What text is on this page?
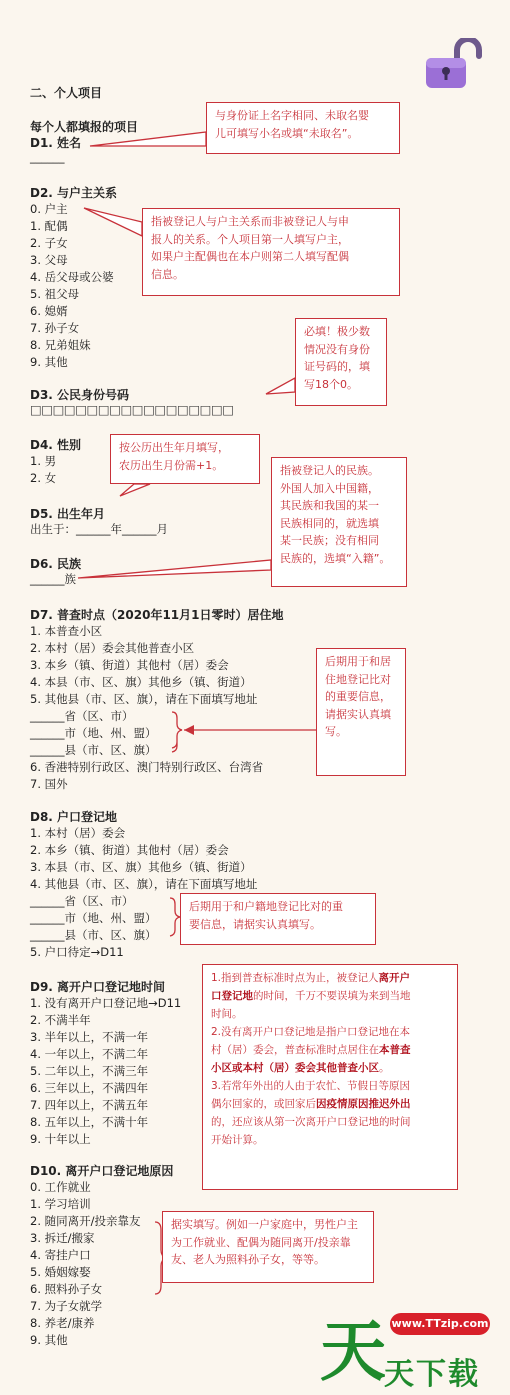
二、个人项目
每个人都填报的项目
D1. 姓名
______
D2. 与户主关系
0. 户主
1. 配偶
2. 子女
3. 父母
4. 岳父母或公婆
5. 祖父母
6. 媳婿
7. 孙子女
8. 兄弟姐妹
9. 其他
D3. 公民身份号码
□□□□□□□□□□□□□□□□□□
D4. 性别
1. 男
2. 女
D5. 出生年月
出生于：______年______月
D6. 民族
______族
D7. 普查时点（2020年11月1日零时）居住地
1. 本普查小区
2. 本村（居）委会其他普查小区
3. 本乡（镇、街道）其他村（居）委会
4. 本县（市、区、旗）其他乡（镇、街道）
5. 其他县（市、区、旗），请在下面填写地址
______省（区、市）
______市（地、州、盟）
______县（市、区、旗）
6. 香港特别行政区、澳门特别行政区、台湾省
7. 国外
D8. 户口登记地
1. 本村（居）委会
2. 本乡（镇、街道）其他村（居）委会
3. 本县（市、区、旗）其他乡（镇、街道）
4. 其他县（市、区、旗），请在下面填写地址
______省（区、市）
______市（地、州、盟）
______县（市、区、旗）
5. 户口待定→D11
D9. 离开户口登记地时间
1. 没有离开户口登记地→D11
2. 不满半年
3. 半年以上，不满一年
4. 一年以上，不满二年
5. 二年以上，不满三年
6. 三年以上，不满四年
7. 四年以上，不满五年
8. 五年以上，不满十年
9. 十年以上
D10. 离开户口登记地原因
0. 工作就业
1. 学习培训
2. 随同离开/投亲靠友
3. 拆迁/搬家
4. 寄挂户口
5. 婚姻嫁娶
6. 照料孙子女
7. 为子女就学
8. 养老/康养
9. 其他
与身份证上名字相同、未取名婴
儿可填写小名或填“未取名”。
指被登记人与户主关系而非被登记人与申
报人的关系。个人项目第一人填写户主，
如果户主配偶也在本户则第二人填写配偶
信息。
必填！极少数
情况没有身份
证号码的，填
写18个0。
按公历出生年月填写，
农历出生月份需+1。	指被登记人的民族。
外国人加入中国籍，
其民族和我国的某一
民族相同的，就选填
某一民族；没有相同
民族的，选填“入籍”。
后期用于和居
住地登记比对
的重要信息，
请据实认真填
写。
后期用于和户籍地登记比对的重
要信息，请据实认真填写。
1.指到普查标准时点为止，被登记人离开户
口登记地的时间，千万不要误填为来到当地
时间。
2.没有离开户口登记地是指户口登记地在本
村（居）委会，普查标准时点居住在本普查
小区或本村（居）委会其他普查小区。
3.若常年外出的人由于农忙、节假日等原因
偶尔回家的，或回家后因疫情原因推迟外出
的，还应该从第一次离开户口登记地的时间
开始计算。
据实填写。例如一户家庭中，男性户主
为工作就业、配偶为随同离开/投亲靠
友、老人为照料孙子女，等等。
www.TTzip.com
天
天下载
